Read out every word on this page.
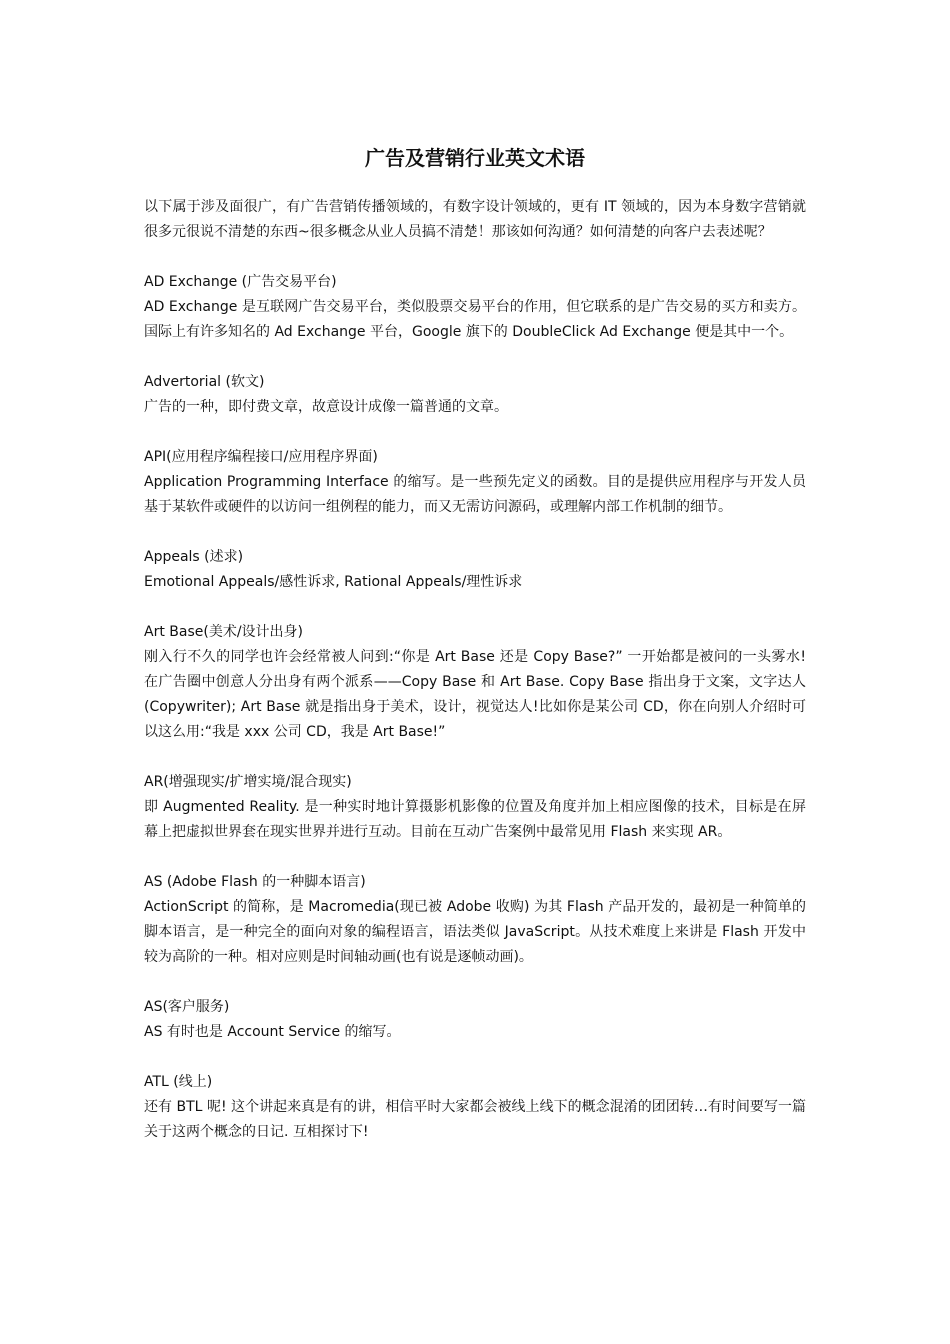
广告及营销行业英文术语

以下属于涉及面很广，有广告营销传播领域的，有数字设计领域的，更有 IT 领域的，因为本身数字营销就很多元很说不清楚的东西~很多概念从业人员搞不清楚！那该如何沟通？如何清楚的向客户去表述呢？

AD Exchange (广告交易平台)

AD Exchange 是互联网广告交易平台，类似股票交易平台的作用，但它联系的是广告交易的买方和卖方。国际上有许多知名的 Ad Exchange 平台，Google 旗下的 DoubleClick Ad Exchange 便是其中一个。

Advertorial (软文)

广告的一种，即付费文章，故意设计成像一篇普通的文章。

API(应用程序编程接口/应用程序界面)

Application Programming Interface 的缩写。是一些预先定义的函数。目的是提供应用程序与开发人员基于某软件或硬件的以访问一组例程的能力，而又无需访问源码，或理解内部工作机制的细节。

Appeals (述求)

Emotional Appeals/感性诉求, Rational Appeals/理性诉求

Art Base(美术/设计出身)

刚入行不久的同学也许会经常被人问到:“你是 Art Base 还是 Copy Base?” 一开始都是被问的一头雾水! 在广告圈中创意人分出身有两个派系——Copy Base 和 Art Base. Copy Base 指出身于文案，文字达人 (Copywriter); Art Base 就是指出身于美术，设计，视觉达人!比如你是某公司 CD，你在向别人介绍时可以这么用:“我是 xxx 公司 CD，我是 Art Base!”

AR(增强现实/扩增实境/混合现实)

即 Augmented Reality. 是一种实时地计算摄影机影像的位置及角度并加上相应图像的技术，目标是在屏幕上把虚拟世界套在现实世界并进行互动。目前在互动广告案例中最常见用 Flash 来实现 AR。

AS (Adobe Flash 的一种脚本语言)

ActionScript 的简称，是 Macromedia(现已被 Adobe 收购) 为其 Flash 产品开发的，最初是一种简单的脚本语言，是一种完全的面向对象的编程语言，语法类似 JavaScript。从技术难度上来讲是 Flash 开发中较为高阶的一种。相对应则是时间轴动画(也有说是逐帧动画)。

AS(客户服务)

AS 有时也是 Account Service 的缩写。

ATL (线上)

还有 BTL 呢! 这个讲起来真是有的讲，相信平时大家都会被线上线下的概念混淆的团团转…有时间要写一篇关于这两个概念的日记. 互相探讨下!
